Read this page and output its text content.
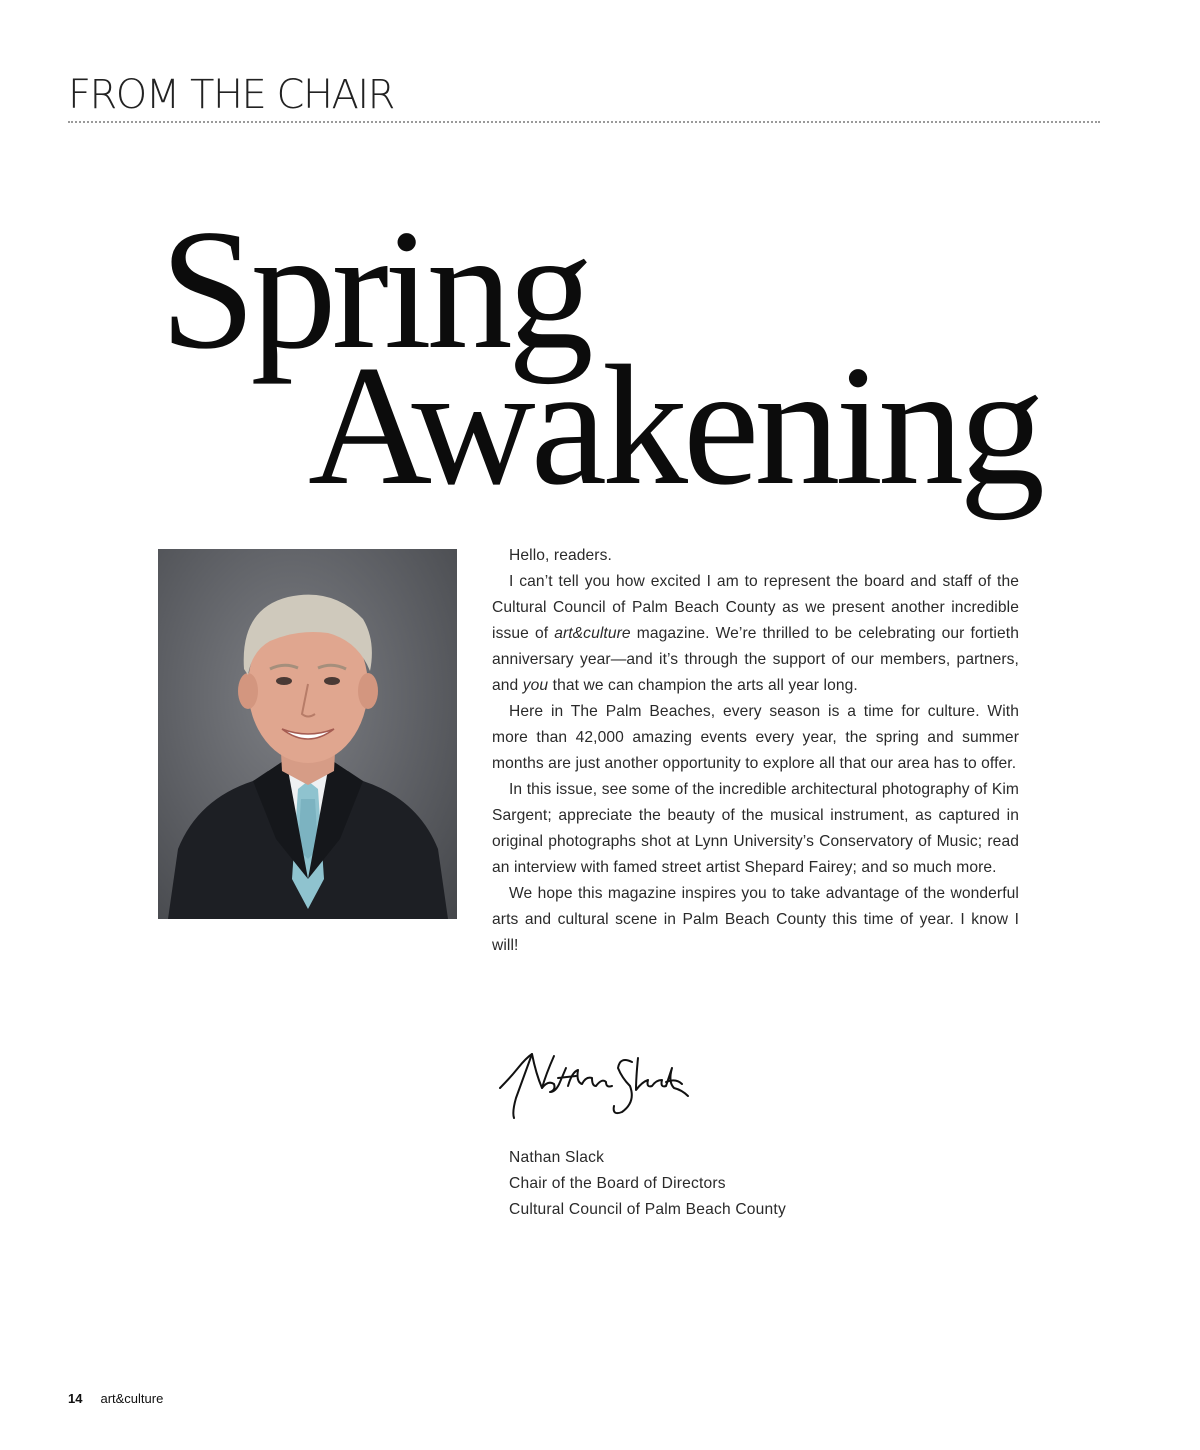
FROM THE CHAIR
Spring
Awakening

Hello, readers.

I can’t tell you how excited I am to represent the board and staff of the Cultural Council of Palm Beach County as we present another incredible issue of art&culture magazine. We’re thrilled to be celebrating our fortieth anniversary year—and it’s through the support of our members, partners, and you that we can champion the arts all year long.

Here in The Palm Beaches, every season is a time for culture. With more than 42,000 amazing events every year, the spring and summer months are just another opportunity to explore all that our area has to offer.

In this issue, see some of the incredible architectural photography of Kim Sargent; appreciate the beauty of the musical instrument, as captured in original photographs shot at Lynn University’s Conservatory of Music; read an interview with famed street artist Shepard Fairey; and so much more.

We hope this magazine inspires you to take advantage of the wonderful arts and cultural scene in Palm Beach County this time of year. I know I will!

Nathan Slack
Chair of the Board of Directors
Cultural Council of Palm Beach County
14 art&culture
